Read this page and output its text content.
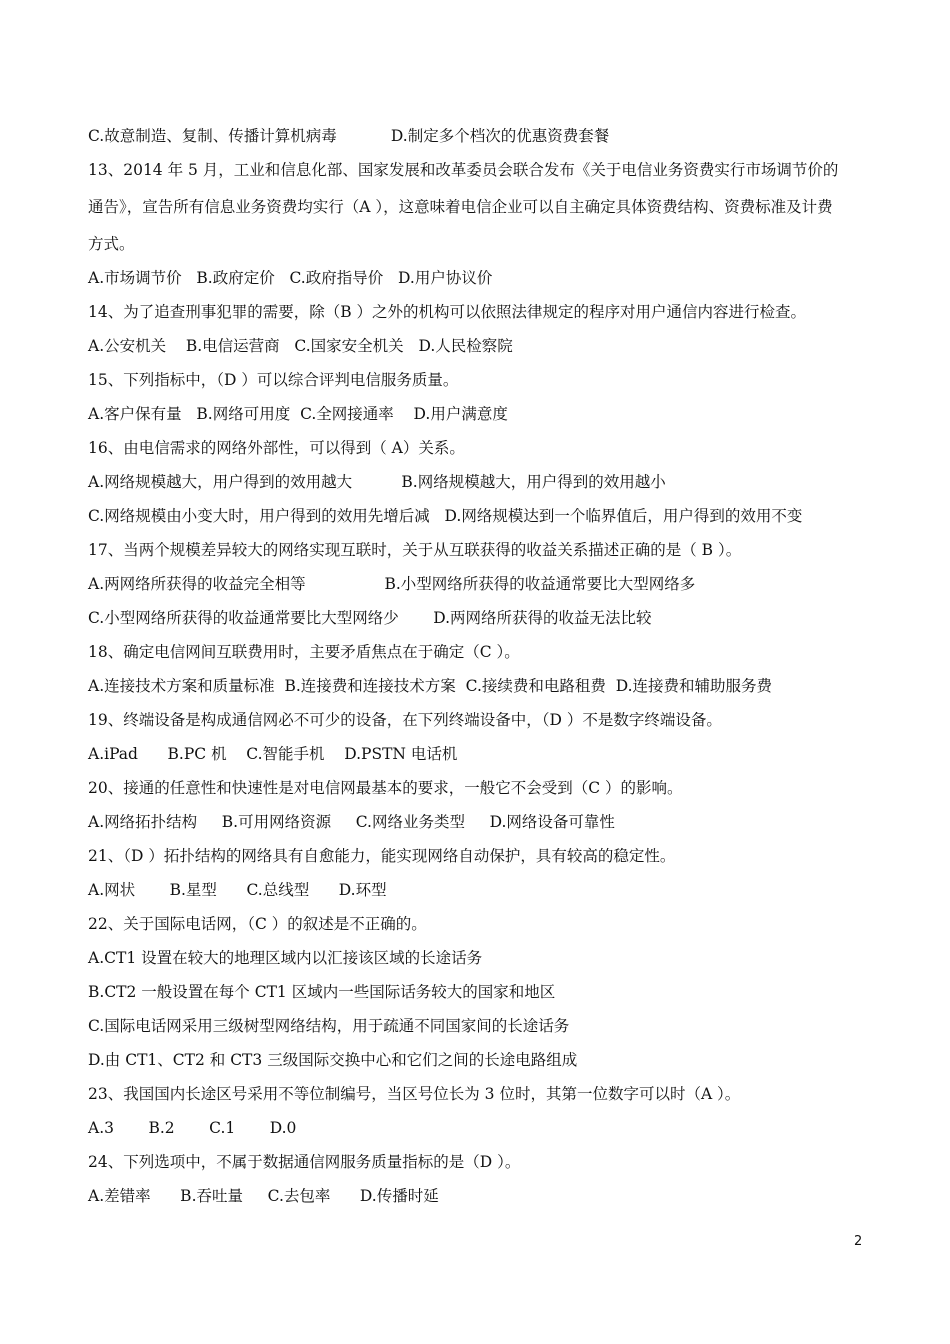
C.故意制造、复制、传播计算机病毒           D.制定多个档次的优惠资费套餐
13、2014 年 5 月，工业和信息化部、国家发展和改革委员会联合发布《关于电信业务资费实行市场调节价的
通告》，宣告所有信息业务资费均实行（A ），这意味着电信企业可以自主确定具体资费结构、资费标准及计费
方式。
A.市场调节价   B.政府定价   C.政府指导价   D.用户协议价
14、为了追查刑事犯罪的需要，除（B ）之外的机构可以依照法律规定的程序对用户通信内容进行检查。
A.公安机关    B.电信运营商   C.国家安全机关   D.人民检察院
15、下列指标中，（D ）可以综合评判电信服务质量。
A.客户保有量   B.网络可用度  C.全网接通率    D.用户满意度
16、由电信需求的网络外部性，可以得到（ A）关系。
A.网络规模越大，用户得到的效用越大          B.网络规模越大，用户得到的效用越小
C.网络规模由小变大时，用户得到的效用先增后减   D.网络规模达到一个临界值后，用户得到的效用不变
17、当两个规模差异较大的网络实现互联时，关于从互联获得的收益关系描述正确的是（ B ）。
A.两网络所获得的收益完全相等                B.小型网络所获得的收益通常要比大型网络多
C.小型网络所获得的收益通常要比大型网络少       D.两网络所获得的收益无法比较
18、确定电信网间互联费用时，主要矛盾焦点在于确定（C ）。
A.连接技术方案和质量标准  B.连接费和连接技术方案  C.接续费和电路租费  D.连接费和辅助服务费
19、终端设备是构成通信网必不可少的设备，在下列终端设备中，（D ）不是数字终端设备。
A.iPad      B.PC 机    C.智能手机    D.PSTN 电话机
20、接通的任意性和快速性是对电信网最基本的要求，一般它不会受到（C ）的影响。
A.网络拓扑结构     B.可用网络资源     C.网络业务类型     D.网络设备可靠性
21、（D ）拓扑结构的网络具有自愈能力，能实现网络自动保护，具有较高的稳定性。
A.网状       B.星型      C.总线型      D.环型
22、关于国际电话网，（C ）的叙述是不正确的。
A.CT1 设置在较大的地理区域内以汇接该区域的长途话务
B.CT2 一般设置在每个 CT1 区域内一些国际话务较大的国家和地区
C.国际电话网采用三级树型网络结构，用于疏通不同国家间的长途话务
D.由 CT1、CT2 和 CT3 三级国际交换中心和它们之间的长途电路组成
23、我国国内长途区号采用不等位制编号，当区号位长为 3 位时，其第一位数字可以时（A ）。
A.3       B.2       C.1       D.0
24、下列选项中，不属于数据通信网服务质量指标的是（D ）。
A.差错率      B.吞吐量     C.去包率      D.传播时延
2
